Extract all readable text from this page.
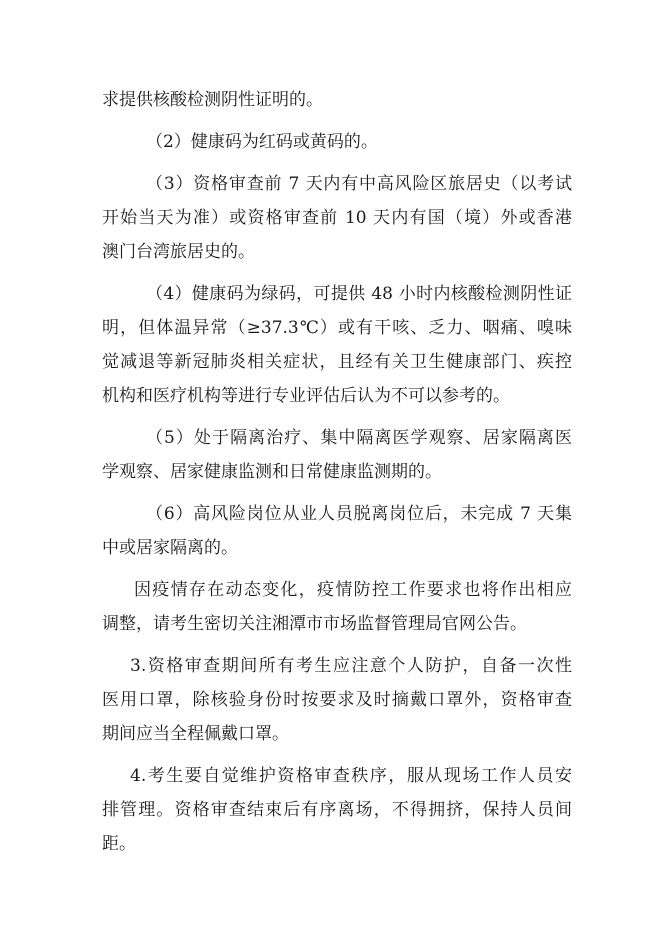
求提供核酸检测阴性证明的。
（2）健康码为红码或黄码的。
（3）资格审查前 7 天内有中高风险区旅居史（以考试
开始当天为准）或资格审查前 10 天内有国（境）外或香港
澳门台湾旅居史的。
（4）健康码为绿码，可提供 48 小时内核酸检测阴性证
明，但体温异常（≥37.3℃）或有干咳、乏力、咽痛、嗅味
觉减退等新冠肺炎相关症状，且经有关卫生健康部门、疾控
机构和医疗机构等进行专业评估后认为不可以参考的。
（5）处于隔离治疗、集中隔离医学观察、居家隔离医
学观察、居家健康监测和日常健康监测期的。
（6）高风险岗位从业人员脱离岗位后，未完成 7 天集
中或居家隔离的。
因疫情存在动态变化，疫情防控工作要求也将作出相应
调整，请考生密切关注湘潭市市场监督管理局官网公告。
3.资格审查期间所有考生应注意个人防护，自备一次性
医用口罩，除核验身份时按要求及时摘戴口罩外，资格审查
期间应当全程佩戴口罩。
4.考生要自觉维护资格审查秩序，服从现场工作人员安
排管理。资格审查结束后有序离场，不得拥挤，保持人员间
距。
